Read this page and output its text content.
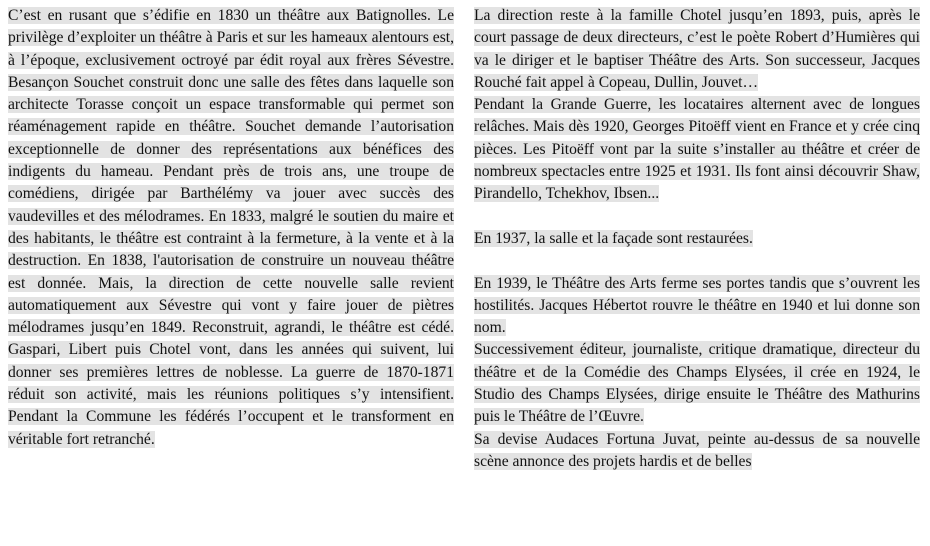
C’est en rusant que s’édifie en 1830 un théâtre aux Batignolles. Le privilège d’exploiter un théâtre à Paris et sur les hameaux alentours est, à l’époque, exclusivement octroyé par édit royal aux frères Sévestre. Besançon Souchet construit donc une salle des fêtes dans laquelle son architecte Torasse conçoit un espace transformable qui permet son réaménagement rapide en théâtre. Souchet demande l’autorisation exceptionnelle de donner des représentations aux bénéfices des indigents du hameau. Pendant près de trois ans, une troupe de comédiens, dirigée par Barthélémy va jouer avec succès des vaudevilles et des mélodrames. En 1833, malgré le soutien du maire et des habitants, le théâtre est contraint à la fermeture, à la vente et à la destruction. En 1838, l'autorisation de construire un nouveau théâtre est donnée. Mais, la direction de cette nouvelle salle revient automatiquement aux Sévestre qui vont y faire jouer de piètres mélodrames jusqu’en 1849. Reconstruit, agrandi, le théâtre est cédé. Gaspari, Libert puis Chotel vont, dans les années qui suivent, lui donner ses premières lettres de noblesse. La guerre de 1870-1871 réduit son activité, mais les réunions politiques s’y intensifient. Pendant la Commune les fédérés l’occupent et le transforment en véritable fort retranché.

La direction reste à la famille Chotel jusqu’en 1893, puis, après le court passage de deux directeurs, c’est le poète Robert d’Humières qui va le diriger et le baptiser Théâtre des Arts. Son successeur, Jacques Rouché fait appel à Copeau, Dullin, Jouvet…

Pendant la Grande Guerre, les locataires alternent avec de longues relâches. Mais dès 1920, Georges Pitoëff vient en France et y crée cinq pièces. Les Pitoëff vont par la suite s’installer au théâtre et créer de nombreux spectacles entre 1925 et 1931. Ils font ainsi découvrir Shaw, Pirandello, Tchekhov, Ibsen...

En 1937, la salle et la façade sont restaurées.

En 1939, le Théâtre des Arts ferme ses portes tandis que s’ouvrent les hostilités. Jacques Hébertot rouvre le théâtre en 1940 et lui donne son nom.

Successivement éditeur, journaliste, critique dramatique, directeur du théâtre et de la Comédie des Champs Elysées, il crée en 1924, le Studio des Champs Elysées, dirige ensuite le Théâtre des Mathurins puis le Théâtre de l’Œuvre.

Sa devise Audaces Fortuna Juvat, peinte au-dessus de sa nouvelle scène annonce des projets hardis et de belles
